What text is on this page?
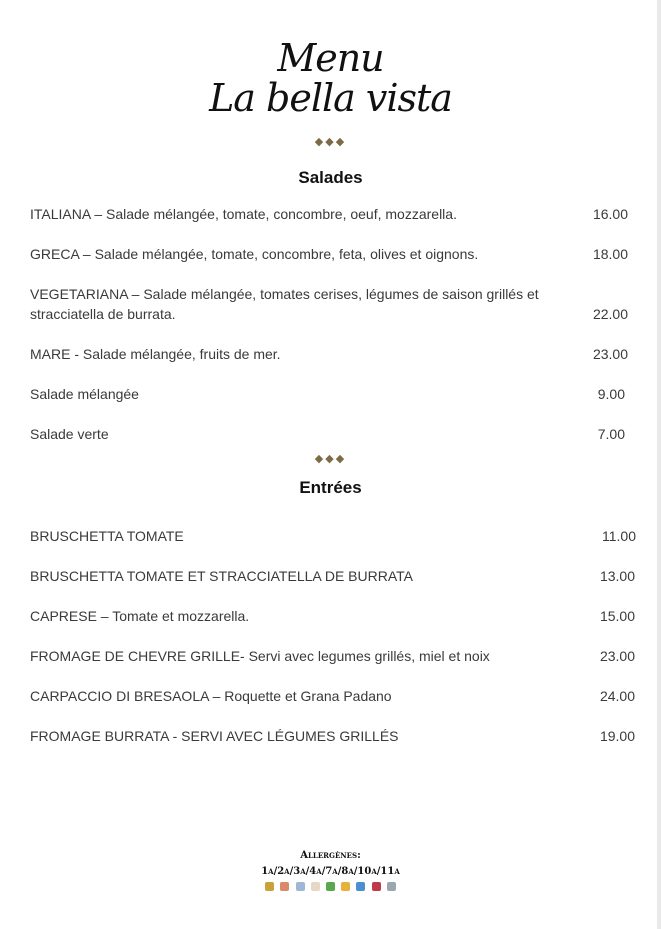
Menu
La bella vista
◆◆◆
Salades
ITALIANA – Salade mélangée, tomate, concombre, oeuf, mozzarella.	16.00
GRECA – Salade mélangée, tomate, concombre, feta, olives et oignons.	18.00
VEGETARIANA – Salade mélangée, tomates cerises, légumes de saison grillés et stracciatella de burrata.	22.00
MARE - Salade mélangée, fruits de mer.	23.00
Salade mélangée	9.00
Salade verte	7.00
◆◆◆
Entrées
BRUSCHETTA TOMATE	11.00
BRUSCHETTA TOMATE ET STRACCIATELLA DE BURRATA	13.00
CAPRESE – Tomate et mozzarella.	15.00
FROMAGE DE CHEVRE GRILLE- Servi avec legumes grillés, miel et noix	23.00
CARPACCIO DI BRESAOLA – Roquette et Grana Padano	24.00
FROMAGE BURRATA - SERVI AVEC LÉGUMES GRILLÉS	19.00
Allergènes:
1a/2a/3a/4a/7a/8a/10a/11a
